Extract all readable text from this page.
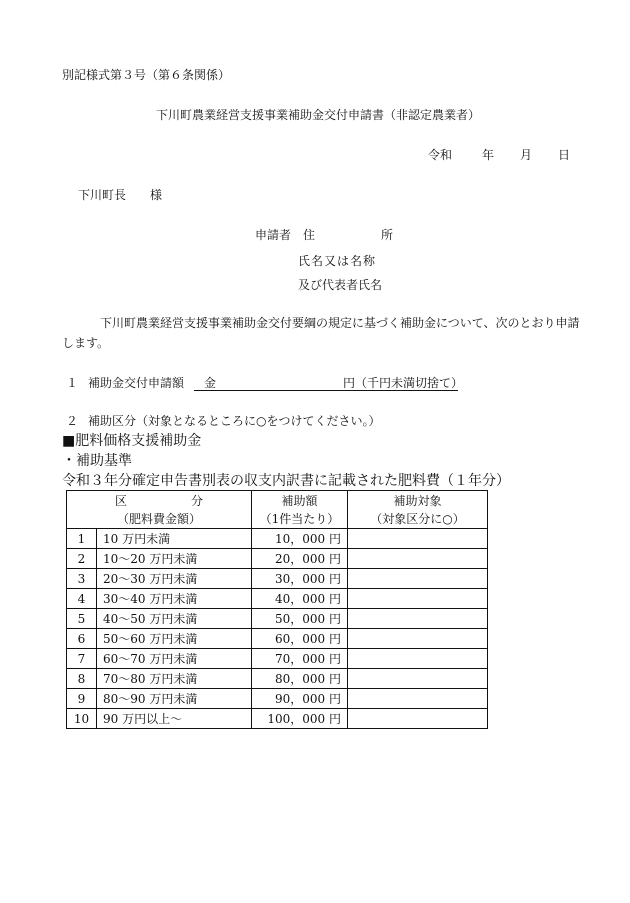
別記様式第３号（第６条関係）
下川町農業経営支援事業補助金交付申請書（非認定農業者）
令和	年 月 日
下川町長 様
申請者 住	所
氏名又は名称
及び代表者氏名
下川町農業経営支援事業補助金交付要綱の規定に基づく補助金について、次のとおり申請
します。
１ 補助金交付申請額 金	円（千円未満切捨て）
２ 補助区分（対象となるところに○をつけてください。）
■肥料価格支援補助金
・補助基準
令和３年分確定申告書別表の収支内訳書に記載された肥料費（１年分）
区 分		補助額	補助対象
（肥料費金額）		（1件当たり）	（対象区分に○）
1	10 万円未満	10，000 円	
2	10～20 万円未満	20，000 円	
3	20～30 万円未満	30，000 円	
4	30～40 万円未満	40，000 円	
5	40～50 万円未満	50，000 円	
6	50～60 万円未満	60，000 円	
7	60～70 万円未満	70，000 円	
8	70～80 万円未満	80，000 円	
9	80～90 万円未満	90，000 円	
10	90 万円以上～	100，000 円	
